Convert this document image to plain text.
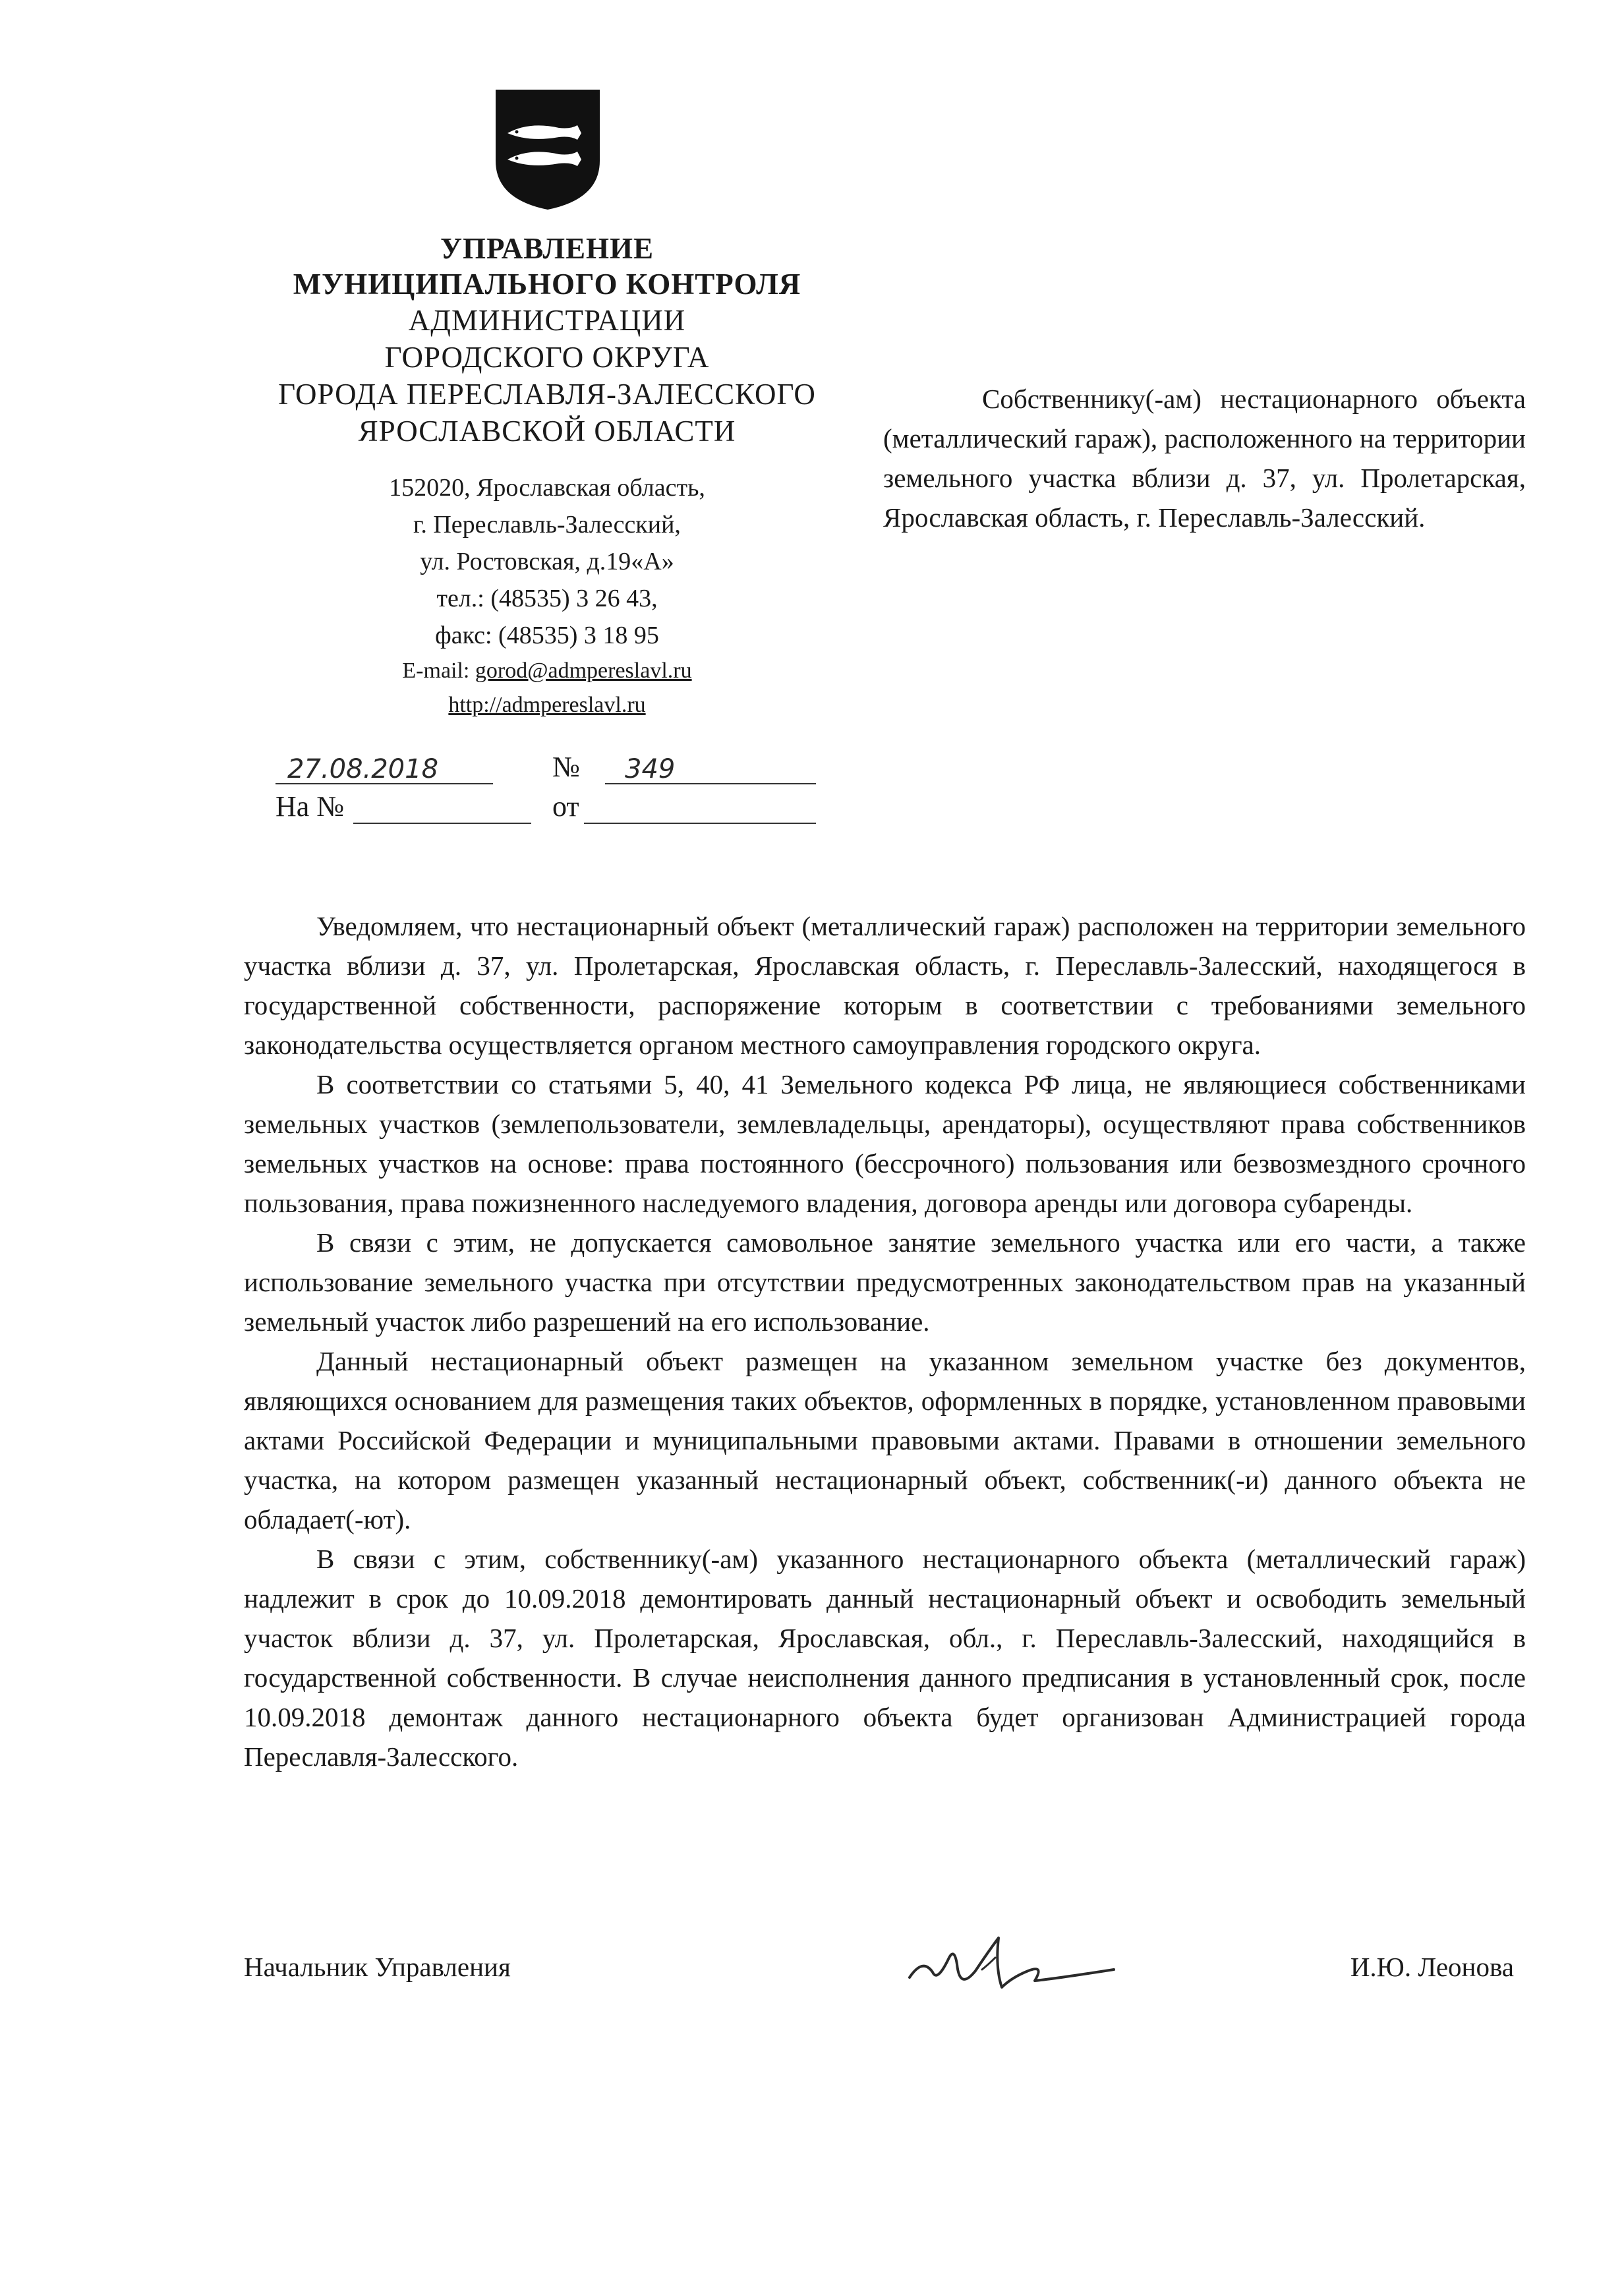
УПРАВЛЕНИЕ
МУНИЦИПАЛЬНОГО КОНТРОЛЯ
АДМИНИСТРАЦИИ
ГОРОДСКОГО ОКРУГА
ГОРОДА ПЕРЕСЛАВЛЯ-ЗАЛЕССКОГО
ЯРОСЛАВСКОЙ ОБЛАСТИ
152020, Ярославская область,
г. Переславль-Залесский,
ул. Ростовская, д.19«А»
тел.: (48535) 3 26 43,
факс: (48535) 3 18 95
E-mail: gorod@admpereslavl.ru
http://admpereslavl.ru
27.08.2018	№ 349
На №	от
Собственнику(-ам) нестационарного объекта (металлический гараж), расположенного на территории земельного участка вблизи д. 37, ул. Пролетарская, Ярославская область, г. Переславль-Залесский.

Уведомляем, что нестационарный объект (металлический гараж) расположен на территории земельного участка вблизи д. 37, ул. Пролетарская, Ярославская область, г. Переславль-Залесский, находящегося в государственной собственности, распоряжение которым в соответствии с требованиями земельного законодательства осуществляется органом местного самоуправления городского округа.

В соответствии со статьями 5, 40, 41 Земельного кодекса РФ лица, не являющиеся собственниками земельных участков (землепользователи, землевладельцы, арендаторы), осуществляют права собственников земельных участков на основе: права постоянного (бессрочного) пользования или безвозмездного срочного пользования, права пожизненного наследуемого владения, договора аренды или договора субаренды.

В связи с этим, не допускается самовольное занятие земельного участка или его части, а также использование земельного участка при отсутствии предусмотренных законодательством прав на указанный земельный участок либо разрешений на его использование.

Данный нестационарный объект размещен на указанном земельном участке без документов, являющихся основанием для размещения таких объектов, оформленных в порядке, установленном правовыми актами Российской Федерации и муниципальными правовыми актами. Правами в отношении земельного участка, на котором размещен указанный нестационарный объект, собственник(-и) данного объекта не обладает(-ют).

В связи с этим, собственнику(-ам) указанного нестационарного объекта (металлический гараж) надлежит в срок до 10.09.2018 демонтировать данный нестационарный объект и освободить земельный участок вблизи д. 37, ул. Пролетарская, Ярославская, обл., г. Переславль-Залесский, находящийся в государственной собственности. В случае неисполнения данного предписания в установленный срок, после 10.09.2018 демонтаж данного нестационарного объекта будет организован Администрацией города Переславля-Залесского.

Начальник Управления	И.Ю. Леонова
